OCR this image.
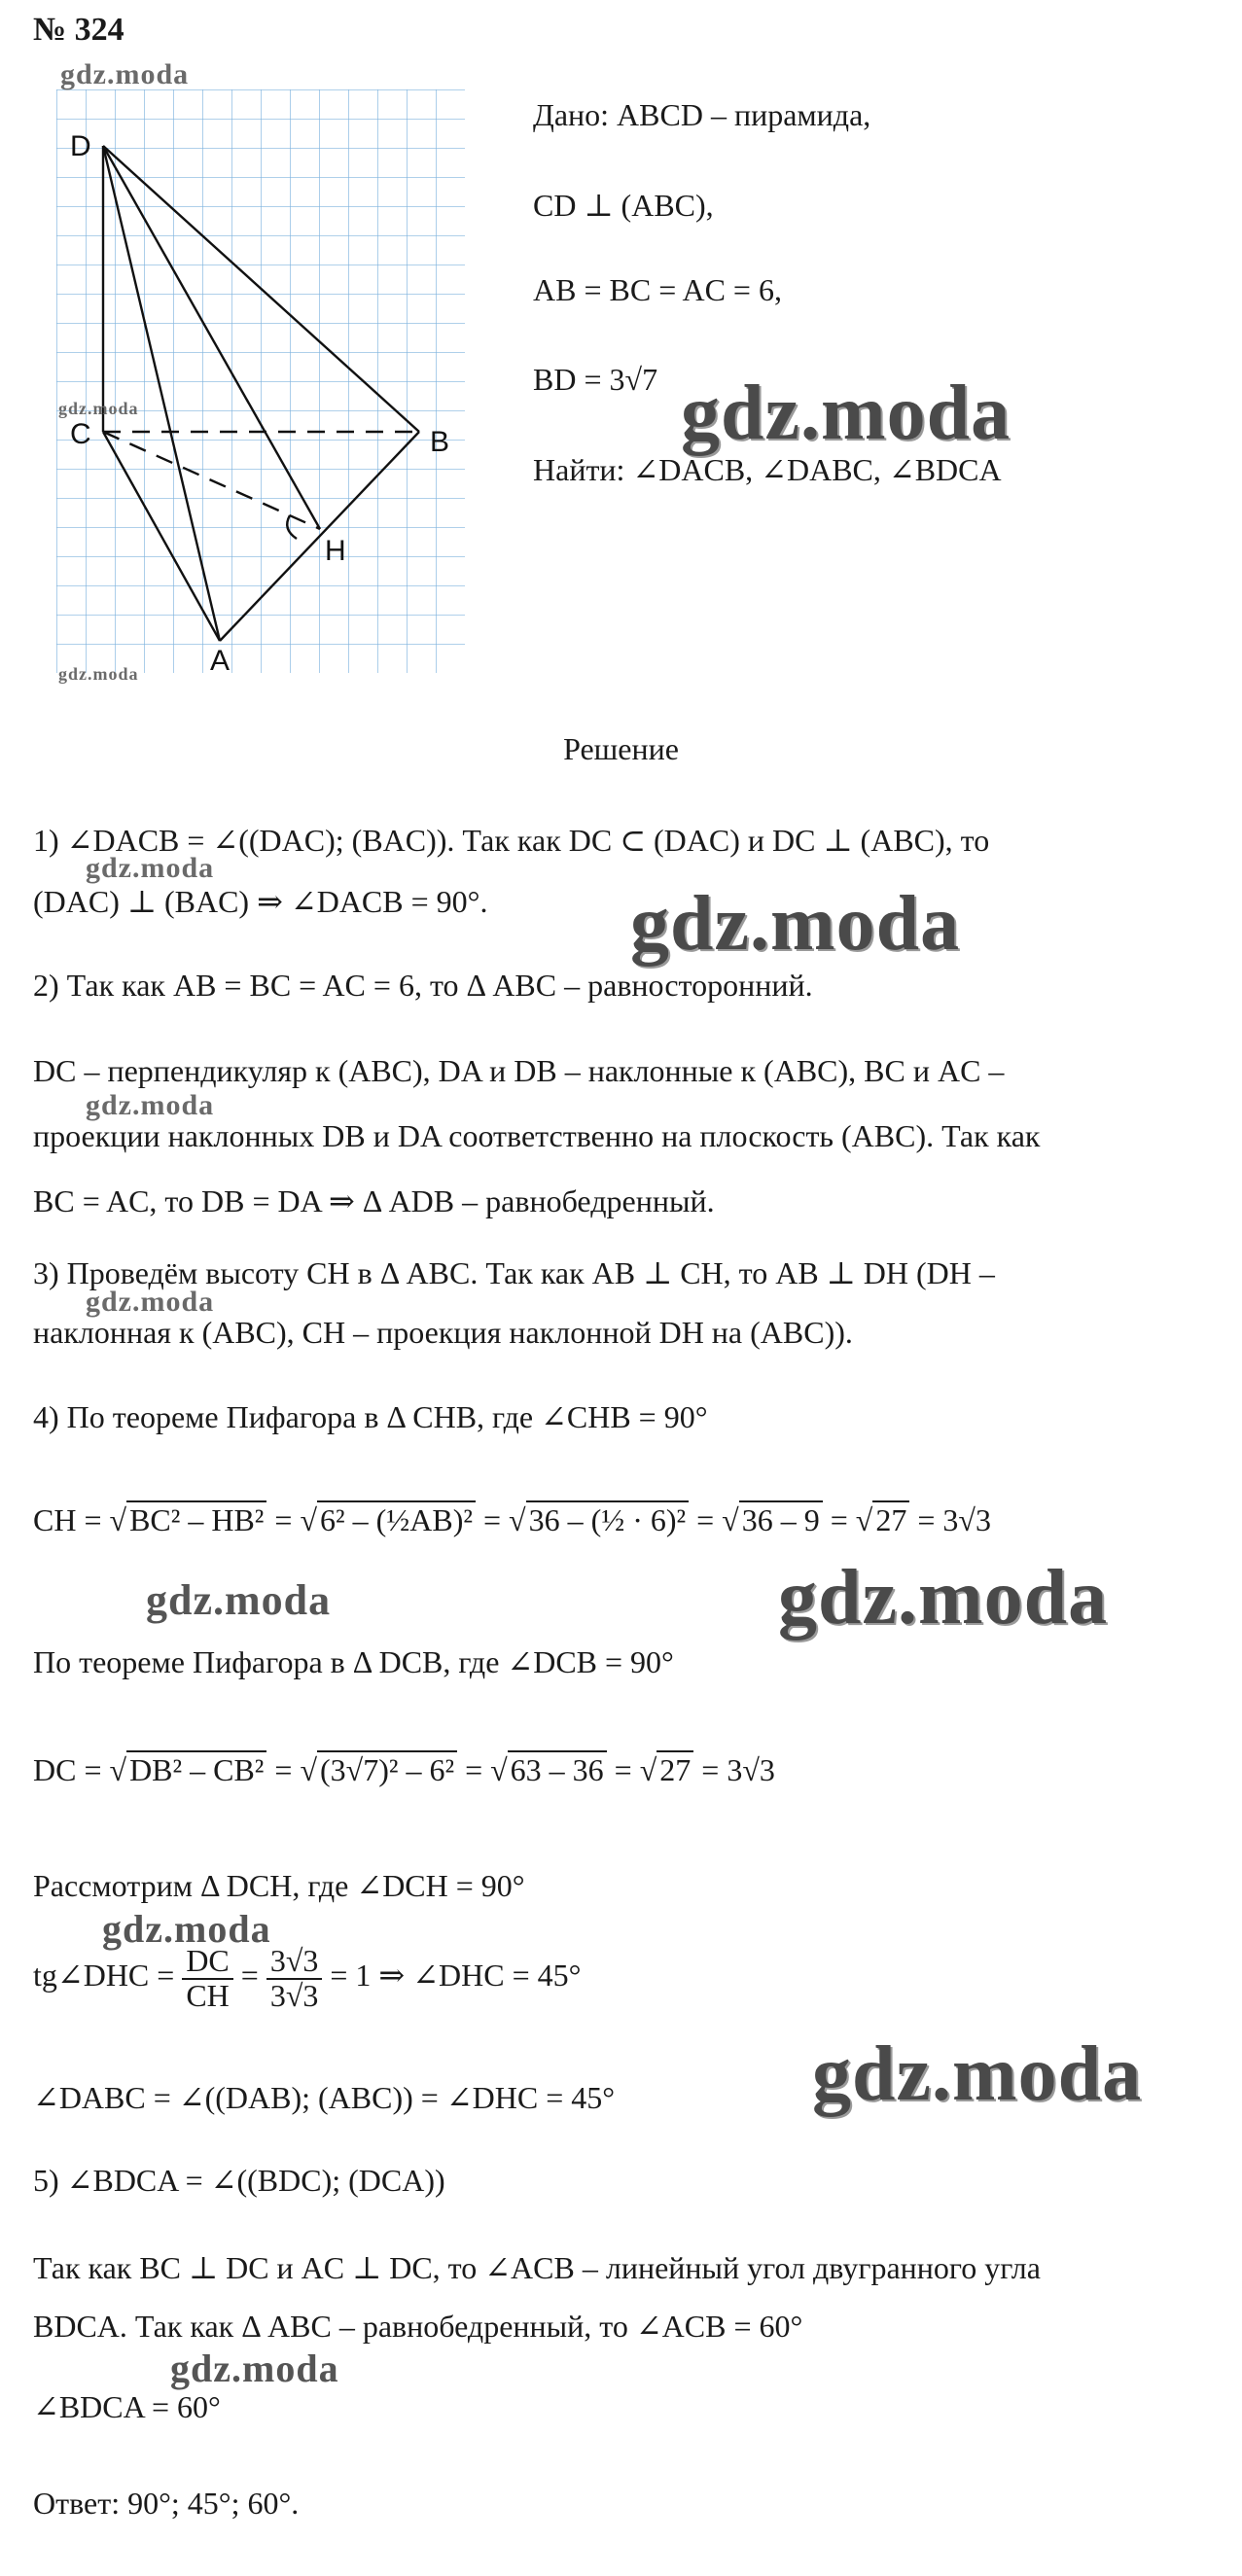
№ 324
D
C	B
H
A
gdz.moda
gdz.moda
gdz.moda
Дано: ABCD – пирамида,
CD ⊥ (ABC),
AB = BC = AC = 6,
BD = 3√7 gdz.moda
Найти: ∠DACB, ∠DABC, ∠BDCA
Решение
1) ∠DACB = ∠((DAC); (BAC)). Так как DC ⊂ (DAC) и DC ⊥ (ABC), то
gdz.moda
(DAC) ⊥ (BAC) ⇒ ∠DACB = 90°. gdz.moda
2) Так как AB = BC = AC = 6, то Δ ABC – равносторонний.
DC – перпендикуляр к (ABC), DA и DB – наклонные к (ABC), BC и AC –
gdz.moda
проекции наклонных DB и DA соответственно на плоскость (ABC). Так как
BC = AC, то DB = DA ⇒ Δ ADB – равнобедренный.
3) Проведём высоту CH в Δ ABC. Так как AB ⊥ CH, то AB ⊥ DH (DH –
gdz.moda
наклонная к (ABC), CH – проекция наклонной DH на (ABC)).
4) По теореме Пифагора в Δ CHB, где ∠CHB = 90°
CH = √BC² – HB² = √6² – (½AB)² = √36 – (½ · 6)² = √36 – 9 = √27 = 3√3
gdz.moda	gdz.moda
По теореме Пифагора в Δ DCB, где ∠DCB = 90°
DC = √DB² – CB² = √(3√7)² – 6² = √63 – 36 = √27 = 3√3
Рассмотрим Δ DCH, где ∠DCH = 90°
gdz.moda
tg∠DHC = $\frac{DC}{CH} = \frac{3√3}{3√3} = 1$ ⇒ ∠DHC = 45°
∠DABC = ∠((DAB); (ABC)) = ∠DHC = 45°	gdz.moda
5) ∠BDCA = ∠((BDC); (DCA))
Так как BC ⊥ DC и AC ⊥ DC, то ∠ACB – линейный угол двугранного угла
BDCA. Так как Δ ABC – равнобедренный, то ∠ACB = 60°
gdz.moda
∠BDCA = 60°
Ответ: 90°; 45°; 60°.
